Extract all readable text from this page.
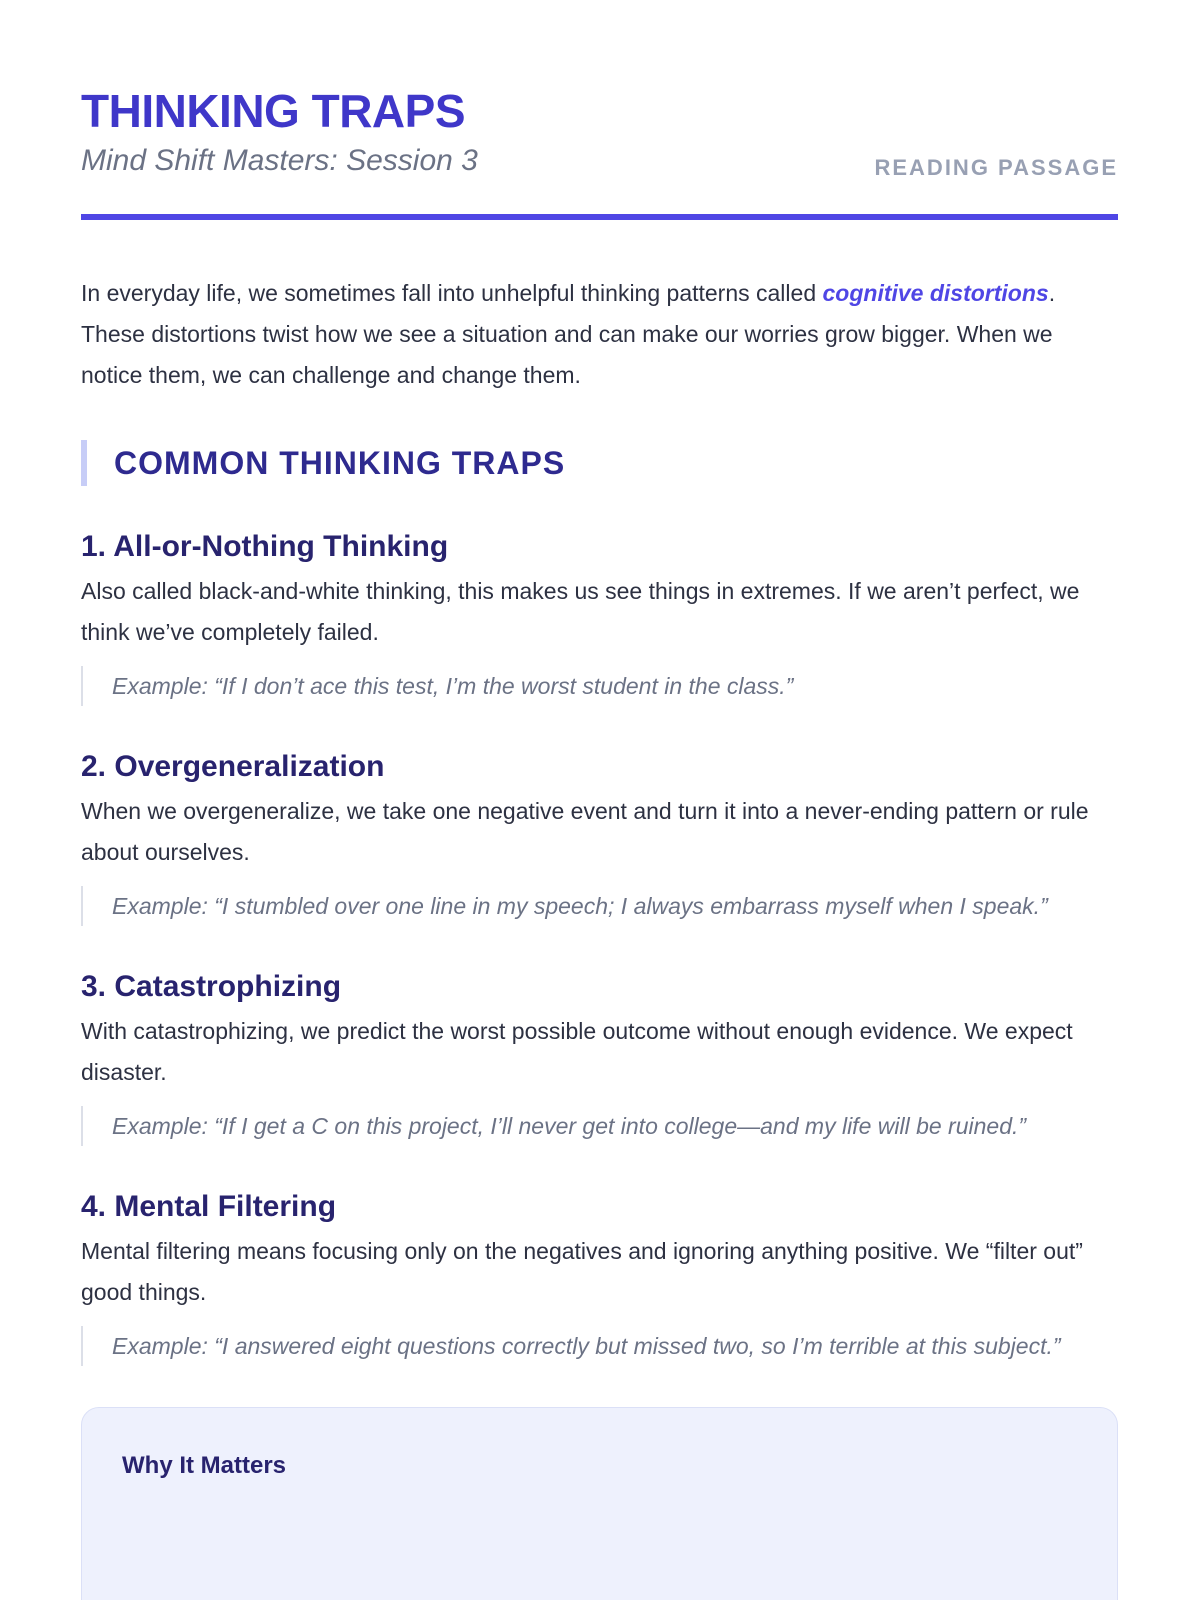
THINKING TRAPS

Mind Shift Masters: Session 3	READING PASSAGE

In everyday life, we sometimes fall into unhelpful thinking patterns called cognitive distortions. These distortions twist how we see a situation and can make our worries grow bigger. When we notice them, we can challenge and change them.

COMMON THINKING TRAPS
1. All-or-Nothing Thinking

Also called black-and-white thinking, this makes us see things in extremes. If we aren’t perfect, we think we’ve completely failed.

Example: “If I don’t ace this test, I’m the worst student in the class.”

2. Overgeneralization

When we overgeneralize, we take one negative event and turn it into a never-ending pattern or rule about ourselves.

Example: “I stumbled over one line in my speech; I always embarrass myself when I speak.”

3. Catastrophizing

With catastrophizing, we predict the worst possible outcome without enough evidence. We expect disaster.

Example: “If I get a C on this project, I’ll never get into college—and my life will be ruined.”

4. Mental Filtering

Mental filtering means focusing only on the negatives and ignoring anything positive. We “filter out” good things.

Example: “I answered eight questions correctly but missed two, so I’m terrible at this subject.”

Why It Matters
